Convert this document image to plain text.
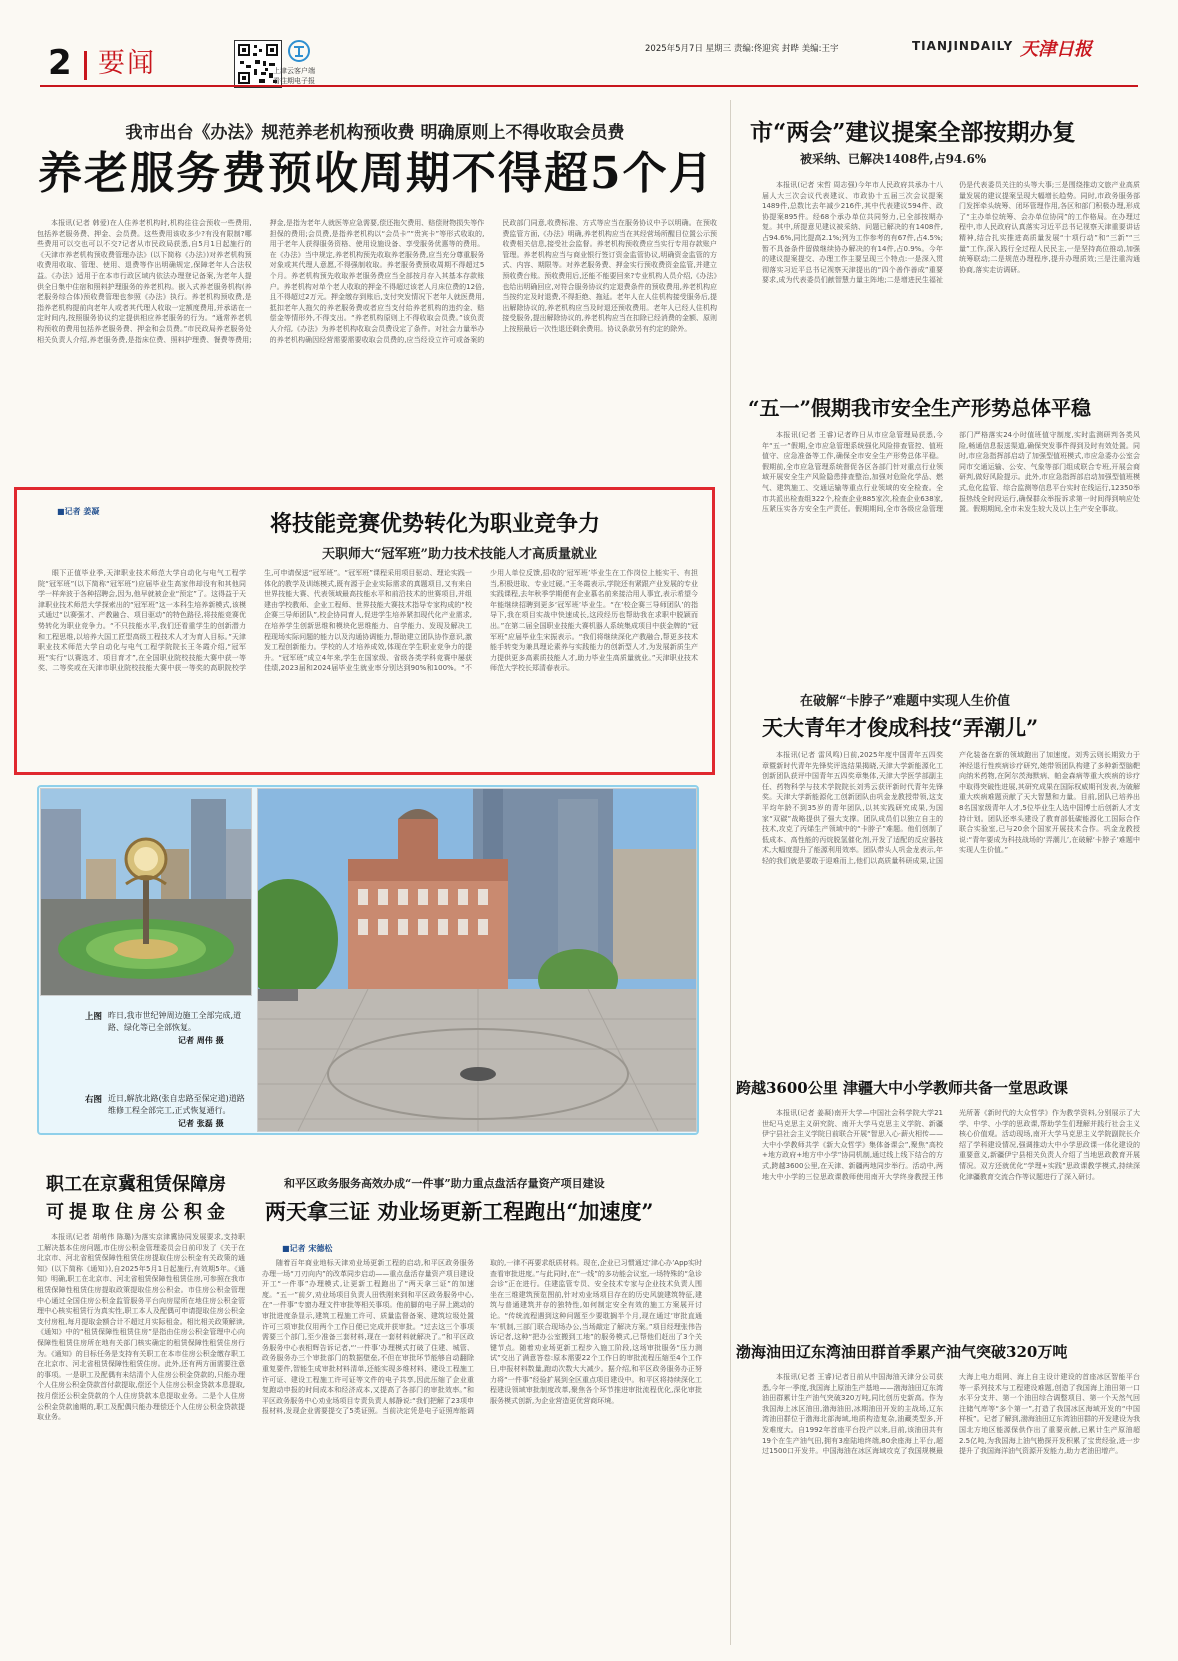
2 要闻	上津云客户端
看往期电子报
2025年5月7日 星期三 责编:佟迎宾 封晔 美编:王宇	TIANJINDAILY 天津日报
我市出台《办法》规范养老机构预收费 明确原则上不得收取会员费
养老服务费预收周期不得超5个月

本报讯(记者 韩爱)在人住养老机构时,机构往往会预收一些费用,包括养老服务费、押金、会员费。这些费用该收多少?有没有限制?哪些费用可以交也可以不交?记者从市民政局获悉,自5月1日起施行的《天津市养老机构预收费管理办法》(以下简称《办法》)对养老机构预收费用收取、管理、使用、退费等作出明确规定,保障老年人合法权益。《办法》适用于在本市行政区域内依法办理登记备案,为老年人提供全日集中住宿和照料护理服务的养老机构。嵌入式养老服务机构(养老服务综合体)预收费管理也参照《办法》执行。养老机构预收费,是指养老机构提前向老年人或者其代理人收取一定额度费用,并承诺在一定时间内,按照服务协议约定提供相应养老服务的行为。“通常养老机构预收的费用包括养老服务费、押金和会员费。”市民政局养老服务处相关负责人介绍,养老服务费,是指床位费、照料护理费、餐费等费用;押金,是指为老年人就医等应急需要,偿还拖欠费用、赔偿财物损失等作担保的费用;会员费,是指养老机构以“会员卡”“贵宾卡”等形式收取的,用于老年人获得服务资格、使用设施设备、享受服务优惠等的费用。在《办法》当中规定,养老机构预先收取养老服务费,应当充分尊重服务对象或其代理人意愿,不得强制收取。养老服务费预收周期不得超过5个月。养老机构预先收取养老服务费应当全部按月存入其基本存款账户。养老机构对单个老人收取的押金不得超过该老人月床位费的12倍,且不得超过2万元。押金缴存到账后,支付突发情况下老年人就医费用,抵扣老年人拖欠的养老服务费或者应当支付给养老机构的违约金、赔偿金等情形外,不得支出。“养老机构原则上不得收取会员费。”该负责人介绍,《办法》为养老机构收取会员费设定了条件。对社会力量举办的养老机构确因经营需要需要收取会员费的,应当经设立许可或备案的民政部门同意,收费标准、方式等应当在服务协议中予以明确。在预收费监管方面,《办法》明确,养老机构应当在其经营场所醒目位置公示预收费相关信息,接受社会监督。养老机构预收费应当实行专用存款账户管理。养老机构应当与商业银行签订资金监管协议,明确资金监管的方式、内容、期限等。对养老服务费、押金实行预收费资金监管,并建立预收费台账。预收费用后,还能不能要回来?专业机构人员介绍,《办法》也给出明确回应,对符合服务协议约定退费条件的预收费用,养老机构应当按约定及时退费,不得拒绝、拖延。老年人在人住机构接受服务后,提出解除协议的,养老机构应当及时退还预收费用。老年人已经人住机构接受服务,提出解除协议的,养老机构应当在扣除已经消费的金额、原则上按照最后一次性退还剩余费用。协议条款另有约定的除外。

市“两会”建议提案全部按期办复
被采纳、已解决1408件,占94.6%

本报讯(记者 宋哲 周志强)今年市人民政府共承办十八届人大三次会议代表建议、市政协十五届三次会议提案1489件,总数比去年减少216件,其中代表建议594件、政协提案895件。经68个承办单位共同努力,已全部按期办复。其中,所提意见建议被采纳、问题已解决的有1408件,占94.6%,同比提高2.1%;列为工作参考的有67件,占4.5%;暂不具备条件留做继续协办解决的有14件,占0.9%。今年的建议提案提交、办理工作主要呈现三个特点:一是深入贯彻落实习近平总书记视察天津提出的“四个善作善成”重要要求,成为代表委员们献智慧力量主阵地;二是增进民生福祉仍是代表委员关注的头等大事;三是围绕推动文旅产业高质量发展的建议提案呈现大幅增长趋势。同时,市政务服务部门发挥牵头统筹、闭环管理作用,各区和部门积极办理,形成了“主办单位统筹、会办单位协同”的工作格局。在办理过程中,市人民政府认真落实习近平总书记视察天津重要讲话精神,结合扎实推进高质量发展“十项行动”和“三新”“三量”工作,深入践行全过程人民民主,一是坚持高位推动,加强统筹联动;二是规范办理程序,提升办理质效;三是注重沟通协商,落实走访调研。

“五一”假期我市安全生产形势总体平稳

本报讯(记者 王睿)记者昨日从市应急管理局获悉,今年“五一”假期,全市应急管理系统强化风险排查管控、值班值守、应急准备等工作,确保全市安全生产形势总体平稳。假期前,全市应急管理系统督促各区各部门针对重点行业领域开展安全生产风险隐患排查整治,加强对危险化学品、燃气、建筑施工、交通运输等重点行业领域的安全检查。全市共派出检查组322个,检查企业885家次,检查企业638家,压紧压实各方安全生产责任。假期期间,全市各级应急管理部门严格落实24小时值班值守制度,实时监测研判各类风险,畅通信息报送渠道,确保突发事件得到及时有效处置。同时,市应急指挥部启动了加强型值班模式,市应急委办公室会同市交通运输、公安、气象等部门组成联合专班,开展会商研判,做好风险提示。此外,市应急指挥部启动加强型值班模式,危化监管、综合监测等信息平台实时在线运行,12350举报热线全时段运行,确保群众举报诉求第一时间得到响应处置。假期期间,全市未发生较大及以上生产安全事故。

■记者 姜凝	将技能竞赛优势转化为职业竞争力
天职师大“冠军班”助力技术技能人才高质量就业

眼下正值毕业季,天津职业技术师范大学自动化与电气工程学院“冠军班”(以下简称“冠军班”)应届毕业生高家伟却没有和其他同学一样奔波于各种招聘会,因为,他早就被企业“预定”了。这得益于天津职业技术师范大学探索出的“冠军班”这一本科生培养新模式,该模式通过“以赛强才、产教融合、项目驱动”的特色路径,将技能竞赛优势转化为职业竞争力。“不只技能水平,我们还看重学生的创新潜力和工程思维,以培养大国工匠型高级工程技术人才为育人目标。”天津职业技术师范大学自动化与电气工程学院院长王冬霞介绍,“冠军班”实行“以赛选才、项目育才”,在全国职业院校技能大赛中获一等奖、二等奖或在天津市职业院校技能大赛中获一等奖的高职院校学生,可申请保送“冠军班”。“冠军班”课程采用项目驱动、理论实践一体化的教学及训练模式,既有源于企业实际需求的真题项目,又有来自世界技能大赛、代表领域最高技能水平和前沿技术的世赛项目,并组建由学校教师、企业工程师、世界技能大赛技术指导专家构成的“校企赛三导师团队”,校企协同育人,促进学生培养紧扣现代化产业需求,在培养学生创新思维和模块化思维能力、自学能力、发现及解决工程现场实际问题的能力以及沟通协调能力,帮助建立团队协作意识,激发工程创新能力。学校的人才培养成效,体现在学生职业竞争力的提升。“冠军班”成立4年来,学生在国家级、省级各类学科竞赛中屡获佳绩,2023届和2024届毕业生就业率分别达到90%和100%。“不少用人单位反馈,招收的‘冠军班’毕业生在工作岗位上能实干、有担当,积极进取、专业过硬。”王冬霞表示,学院还有紧跟产业发展的专业实践课程,去年秋季学期便有企业慕名前来接洽用人事宜,表示希望今年能继续招聘到更多‘冠军班’毕业生。“在‘校企赛三导师团队’的指导下,我在项目实战中快速成长,这段经历也帮助我在求职中脱颖而出。”在第二届全国职业技能大赛机器人系统集成项目中获金牌的“冠军班”应届毕业生宋振表示。“我们将继续深化产教融合,帮更多技术能手转变为兼具理论素养与实践能力的创新型人才,为发展新质生产力提供更多高素质技能人才,助力毕业生高质量就业。”天津职业技术师范大学校长郑清春表示。

在破解“卡脖子”难题中实现人生价值
天大青年才俊成科技“弄潮儿”

本报讯(记者 雷风鸣)日前,2025年度中国青年五四奖章暨新时代青年先锋奖评选结果揭晓,天津大学新能源化工创新团队获评中国青年五四奖章集体,天津大学医学部副主任、药物科学与技术学院院长刘秀云获评新时代青年先锋奖。天津大学新能源化工创新团队由巩金龙教授带领,这支平均年龄不到35岁的青年团队,以其实践研究成果,为国家“双碳”战略提供了强大支撑。团队成员们以独立自主的技术,攻克了丙烯生产领域中的“卡脖子”难题。他们创制了低成本、高性能的丙烷脱氢催化剂,开发了适配的反应器技术,大幅度提升了能源利用效率。团队带头人巩金龙表示,年轻的我们就是要敢于迎难而上,他们以高质量科研成果,让国产化装备在新的领域跑出了加速度。刘秀云则长期致力于神经退行性疾病诊疗研究,她带领团队构建了多种新型脑靶向纳米药物,在阿尔茨海默病、帕金森病等重大疾病的诊疗中取得突破性进展,其研究成果在国际权威期刊发表,为破解重大疾病难题贡献了天大智慧和力量。目前,团队已培养出8名国家级青年人才,5位毕业生人选中国博士后创新人才支持计划。团队还率头建设了教育部低碳能源化工国际合作联合实验室,已与20余个国家开展技术合作。巩金龙教授说:“青年要成为科技战场的‘弄潮儿’,在破解‘卡脖子’难题中实现人生价值。”

上图 昨日,我市世纪钟周边施工全部完成,道路、绿化等已全部恢复。
记者 周伟 摄
右图 近日,解放北路(张自忠路至保定道)道路维修工程全部完工,正式恢复通行。
记者 张磊 摄
跨越3600公里 津疆大中小学教师共备一堂思政课

本报讯(记者 姜凝)南开大学—中国社会科学院大学21世纪马克思主义研究院、南开大学马克思主义学院、新疆伊宁县社会主义学院日前联合开展“智思入心·薪火相传——大中小学教师共学《新大众哲学》集体备课会”,聚焦“高校+地方政府+地方中小学”协同机制,通过线上线下结合的方式,跨越3600公里,在天津、新疆两地同步举行。活动中,两地大中小学的三位思政课教师使用南开大学终身教授王伟光所著《新时代的大众哲学》作为教学资料,分别展示了大学、中学、小学的思政课,帮助学生们理解并践行社会主义核心价值观。活动现场,南开大学马克思主义学院副院长介绍了学科建设情况,强调推动大中小学思政课一体化建设的重要意义,新疆伊宁县相关负责人介绍了当地思政教育开展情况。双方还就优化“学理+实践”思政课教学模式,持续深化津疆教育交流合作等议题进行了深入研讨。

职工在京冀租赁保障房
可提取住房公积金

本报讯(记者 胡萌伟 陈璐)为落实京津冀协同发展要求,支持职工解决基本住房问题,市住房公积金管理委员会日前印发了《关于在北京市、河北省租赁保障性租赁住房提取住房公积金有关政策的通知》(以下简称《通知》),自2025年5月1日起施行,有效期5年。《通知》明确,职工在北京市、河北省租赁保障性租赁住房,可参照在我市租赁保障性租赁住房提取政策提取住房公积金。市住房公积金管理中心通过全国住房公积金监管服务平台向房屋所在地住房公积金管理中心核实租赁行为真实性,职工本人及配偶可申请提取住房公积金支付房租,每月提取金额合计不超过月实际租金。相比相关政策解读,《通知》中的“租赁保障性租赁住房”是指由住房公积金管理中心向保障性租赁住房所在地有关部门核实确定的租赁保障性租赁住房行为。《通知》的目标任务是支持有关职工在本市住房公积金缴存职工在北京市、河北省租赁保障性租赁住房。此外,还有两方面需要注意的事项。一是职工及配偶有未结清个人住房公积金贷款的,只能办理个人住房公积金贷款首付款提取,偿还个人住房公积金贷款本息提取,按月偿还公积金贷款的个人住房贷款本息提取业务。二是个人住房公积金贷款逾期的,职工及配偶只能办理偿还个人住房公积金贷款提取业务。

和平区政务服务高效办成“一件事”助力重点盘活存量资产项目建设
两天拿三证 劝业场更新工程跑出“加速度”
■记者 宋德松

随着百年商业地标天津劝业场更新工程的启动,和平区政务服务办理一场“刀刃向内”的改革同步启动——重点盘活存量资产项目建设开工“一件事”办理模式,让更新工程跑出了“两天拿三证”的加速度。“五一”前夕,劝业场项目负责人田铁刚来到和平区政务服务中心,在“一件事”专窗办理文件审批等相关事项。他前脚的电子屏上跳动的审批进度条显示,建筑工程施工许可、质量监督备案、建筑垃圾处置许可三项审批仅用两个工作日便已完成并获审批。“过去这三个事项需要三个部门,至少准备三套材料,现在一套材料就解决了。”和平区政务服务中心表相辉告诉记者,“‘一件事’办理模式打破了住建、城管、政务服务办三个审批部门的数据壁垒,不但在审批环节能够自动翻除重复要件,智能生成审批材料清单,还能实现多维材料、建设工程施工许可证、建设工程施工许可证等文件的电子共享,因此压缩了企业重复跑动申报的时间成本和经济成本,又提高了各部门的审批效率。”和平区政务服务中心劝业场项目专责负责人郝静说:“我们把解了23项申报材料,发现企业需要提交了5类证照。当前决定凭是电子证照库能调取的,一律不再要求纸质材料。现在,企业已习惯通过‘津心办’App实时查看审批进度。”与此同时,在“一线”的多功能会议室,一场特殊的“急诊会诊”正在进行。住建监管专员、安全技术专家与企业技术负责人围坐在三维建筑预览图前,针对劝业场项目存在的历史风貌建筑特征,建筑与普通建筑并存的独特性,如何制定安全有效的施工方案展开讨论。“传统流程遇到这种问题至少要耽搁半个月,现在通过‘审批直通车’机制,三部门联合现场办公,当场敲定了解决方案。”项目经理张伟告诉记者,这种“把办公室搬到工地”的服务模式,已帮他们赶出了3个关键节点。随着劝业场更新工程步入施工阶段,这场审批服务“压力测试”交出了满意答卷:原本需要22个工作日的审批流程压缩至4个工作日,申报材料数量,跑动次数大大减少。据介绍,和平区政务服务办正努力将“一件事”经验扩展到全区重点项目建设中。和平区将持续深化工程建设领域审批制度改革,聚焦各个环节推进审批流程优化,深化审批服务模式创新,为企业营造更优营商环境。

渤海油田辽东湾油田群首季累产油气突破320万吨

本报讯(记者 王睿)记者日前从中国海油天津分公司获悉,今年一季度,我国海上原油生产基地——渤海油田辽东湾油田群累计生产油气突破320万吨,同比创历史新高。作为我国海上冰区油田,渤海油田,冰期油田开发的主战场,辽东湾油田群位于渤海北部海域,地质构造复杂,油藏类型多,开发难度大。自1992年首座平台投产以来,目前,该油田共有19个在生产油气田,拥有3座陆地终端,80余座海上平台,超过1500口开发井。中国海油在冰区海域攻克了我国规模最大海上电力组网、海上自主设计建设的首座冰区智能平台等一系列技术与工程建设难题,创造了我国海上油田第一口水平分支井、第一个油田综合调整项目、第一个天然气回注储气库等“多个第一”,打造了我国冰区海域开发的“中国样板”。记者了解到,渤海油田辽东湾油田群的开发建设为我国北方地区能源保供作出了重要贡献,已累计生产原油超2.5亿吨,为我国海上油气勘探开发积累了宝贵经验,进一步提升了我国海洋油气资源开发能力,助力老油田增产。
